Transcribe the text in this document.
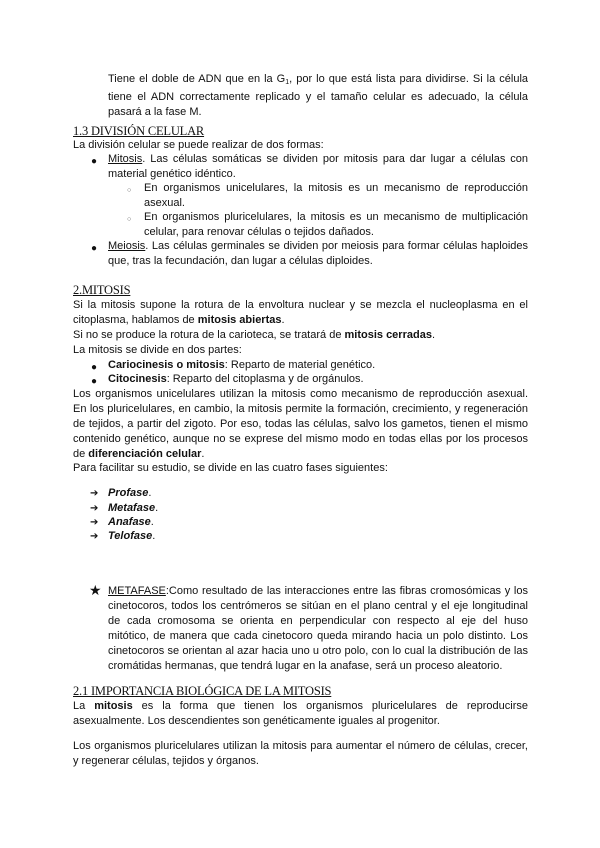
Tiene el doble de ADN que en la $G_1$, por lo que está lista para dividirse. Si la célula tiene el ADN correctamente replicado y el tamaño celular es adecuado, la célula pasará a la fase M.

1.3 DIVISIÓN CELULAR

La división celular se puede realizar de dos formas:

● Mitosis. Las células somáticas se dividen por mitosis para dar lugar a células con material genético idéntico.

○ En organismos unicelulares, la mitosis es un mecanismo de reproducción asexual.

○ En organismos pluricelulares, la mitosis es un mecanismo de multiplicación celular, para renovar células o tejidos dañados.

● Meiosis. Las células germinales se dividen por meiosis para formar células haploides que, tras la fecundación, dan lugar a células diploides.

2.MITOSIS

Si la mitosis supone la rotura de la envoltura nuclear y se mezcla el nucleoplasma en el citoplasma, hablamos de mitosis abiertas.

Si no se produce la rotura de la carioteca, se tratará de mitosis cerradas.

La mitosis se divide en dos partes:

● Cariocinesis o mitosis: Reparto de material genético.

● Citocinesis: Reparto del citoplasma y de orgánulos.

Los organismos unicelulares utilizan la mitosis como mecanismo de reproducción asexual. En los pluricelulares, en cambio, la mitosis permite la formación, crecimiento, y regeneración de tejidos, a partir del zigoto. Por eso, todas las células, salvo los gametos, tienen el mismo contenido genético, aunque no se exprese del mismo modo en todas ellas por los procesos de diferenciación celular.

Para facilitar su estudio, se divide en las cuatro fases siguientes:

➔ Profase.

➔ Metafase.

➔ Anafase.

➔ Telofase.

★ METAFASE:Como resultado de las interacciones entre las fibras cromosómicas y los cinetocoros, todos los centrómeros se sitúan en el plano central y el eje longitudinal de cada cromosoma se orienta en perpendicular con respecto al eje del huso mitótico, de manera que cada cinetocoro queda mirando hacia un polo distinto. Los cinetocoros se orientan al azar hacia uno u otro polo, con lo cual la distribución de las cromátidas hermanas, que tendrá lugar en la anafase, será un proceso aleatorio.

2.1 IMPORTANCIA BIOLÓGICA DE LA MITOSIS

La mitosis es la forma que tienen los organismos pluricelulares de reproducirse asexualmente. Los descendientes son genéticamente iguales al progenitor.

Los organismos pluricelulares utilizan la mitosis para aumentar el número de células, crecer, y regenerar células, tejidos y órganos.
